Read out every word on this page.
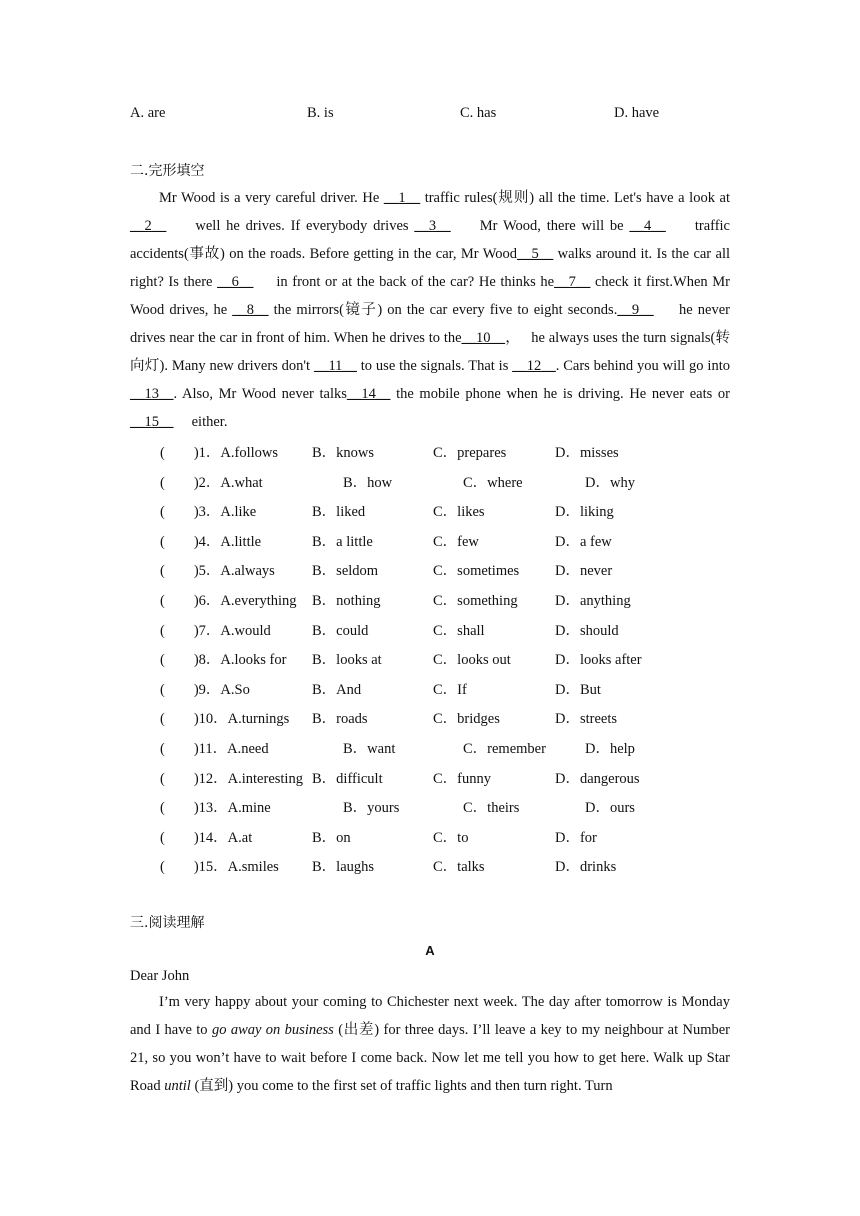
A. are	B. is	C. has	D. have
二.完形填空
Mr Wood is a very careful driver. He __1__ traffic rules(规则) all the time. Let's have a look at __2__     well he drives. If everybody drives __3__     Mr Wood, there will be __4__     traffic accidents(事故) on the roads. Before getting in the car, Mr Wood__5__ walks around it. Is the car all right? Is there __6__     in front or at the back of the car? He thinks he__7__ check it first.When Mr Wood drives, he __8__ the mirrors(镜子) on the car every five to eight seconds.__9__     he never drives near the car in front of him. When he drives to the__10__，   he always uses the turn signals(转向灯). Many new drivers don't __11__ to use the signals. That is __12__. Cars behind you will go into __13__. Also, Mr Wood never talks__14__ the mobile phone when he is driving. He never eats or __15__     either.
(        )1．A.follows B．knows	C．prepares	D．misses
(        )2．A.what	B．how	C．where	D．why
(        )3．A.like	B．liked	C．likes	D．liking
(        )4．A.little	B．a little	C．few	D．a few
(        )5．A.always	B．seldom	C．sometimes D．never
(        )6．A.everything B．nothing	C．something	D．anything
(        )7．A.would	B．could	C．shall	D．should
(        )8．A.looks for B．looks at	C．looks out	D．looks after
(        )9．A.So	B．And	C．If	D．But
(        )10．A.turnings B．roads	C．bridges	D．streets
(        )11．A.need	B．want	C．remember	D．help
(        )12．A.interesting B．difficult	C．funny	D．dangerous
(        )13．A.mine	B．yours	C．theirs	D．ours
(        )14．A.at	B．on	C．to	D．for
(        )15．A.smiles B．laughs	C．talks	D．drinks
三.阅读理解
A
Dear John
I’m very happy about your coming to Chichester next week. The day after tomorrow is Monday and I have to go away on business (出差) for three days. I’ll leave a key to my neighbour at Number 21, so you won’t have to wait before I come back. Now let me tell you how to get here. Walk up Star Road until (直到) you come to the first set of traffic lights and then turn right. Turn
